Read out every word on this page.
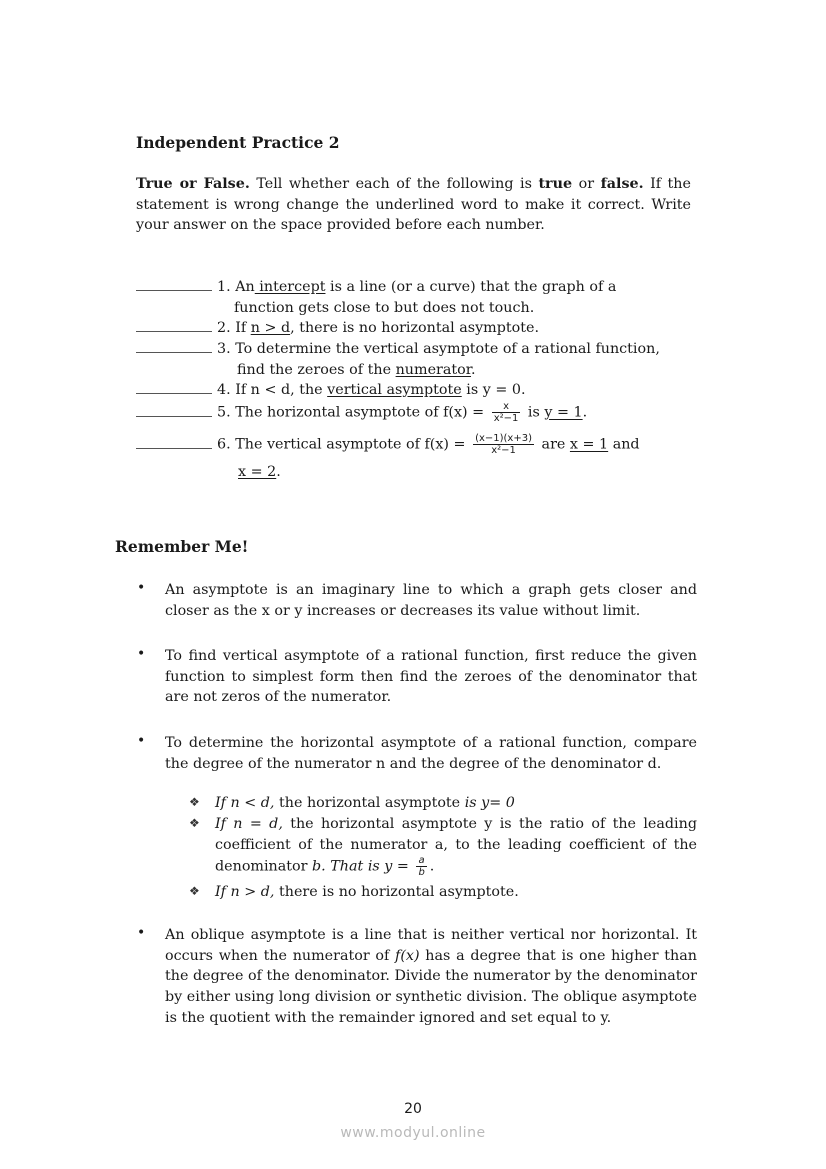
Independent Practice 2
True or False. Tell whether each of the following is true or false. If the statement is wrong change the underlined word to make it correct. Write your answer on the space provided before each number.
1. An intercept is a line (or a curve) that the graph of a
function gets close to but does not touch.
2. If n > d, there is no horizontal asymptote.
3. To determine the vertical asymptote of a rational function,
find the zeroes of the numerator.
4. If n < d, the vertical asymptote is y = 0.
5. The horizontal asymptote of $f(x) = \frac{x}{\text{x²−1}}$ is y = 1.
6. The vertical asymptote of $f(x) = \frac{(x-1)(x+3)}{\text{x²−1}}$ are x = 1 and
x = 2.
Remember Me!
• An asymptote is an imaginary line to which a graph gets closer and closer as the x or y increases or decreases its value without limit.
• To find vertical asymptote of a rational function, first reduce the given function to simplest form then find the zeroes of the denominator that are not zeros of the numerator.
• To determine the horizontal asymptote of a rational function, compare the degree of the numerator n and the degree of the denominator d.
❖ If n < d, the horizontal asymptote is y= 0
❖ If n = d, the horizontal asymptote y is the ratio of the leading coefficient of the numerator a, to the leading coefficient of the denominator b. That is $y = \frac{a}{b}$ .
❖ If n > d, there is no horizontal asymptote.
• An oblique asymptote is a line that is neither vertical nor horizontal. It occurs when the numerator of f(x) has a degree that is one higher than the degree of the denominator. Divide the numerator by the denominator by either using long division or synthetic division. The oblique asymptote is the quotient with the remainder ignored and set equal to y.
20
www.modyul.online
